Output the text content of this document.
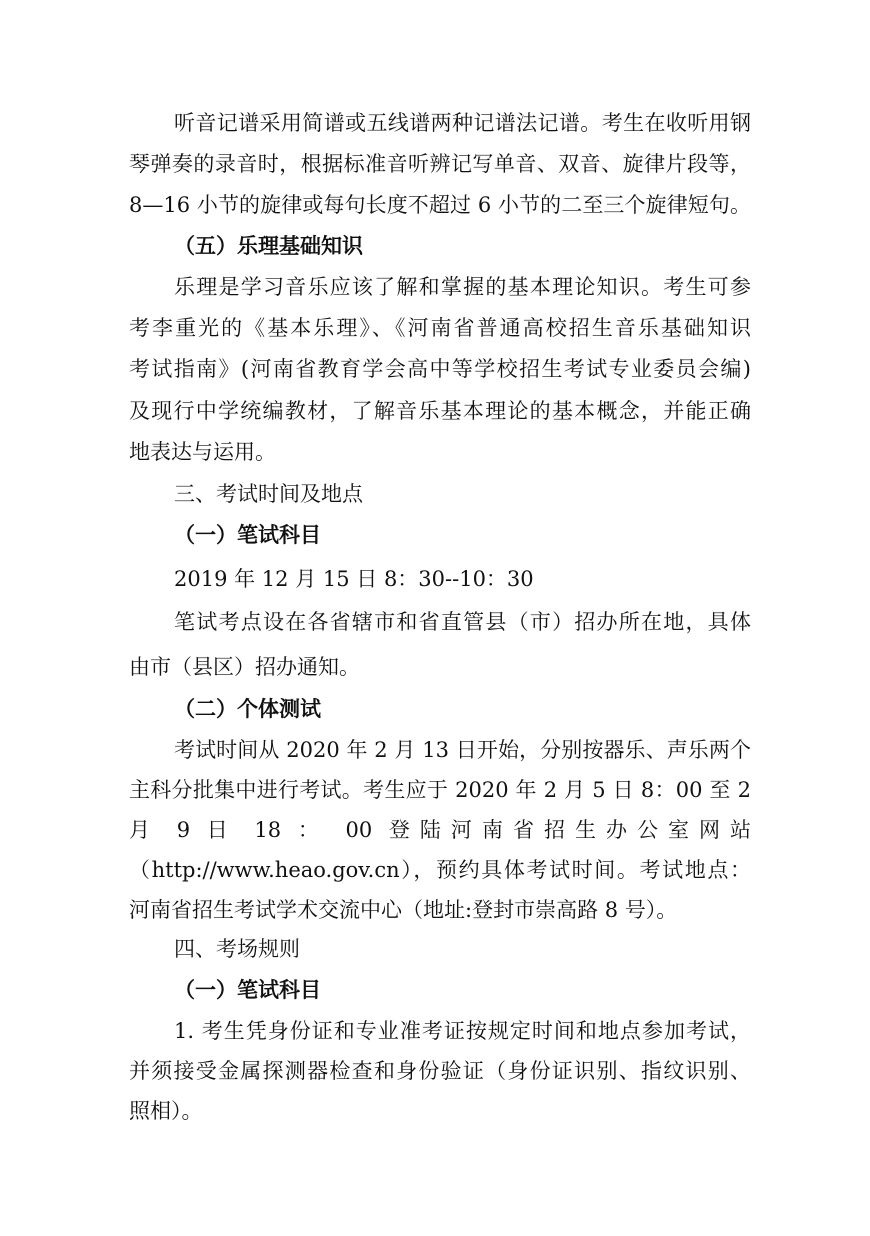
听音记谱采用简谱或五线谱两种记谱法记谱。考生在收听用钢
琴弹奏的录音时，根据标准音听辨记写单音、双音、旋律片段等，
8—16 小节的旋律或每句长度不超过 6 小节的二至三个旋律短句。
（五）乐理基础知识
乐理是学习音乐应该了解和掌握的基本理论知识。考生可参
考李重光的《基本乐理》、《河南省普通高校招生音乐基础知识
考试指南》(河南省教育学会高中等学校招生考试专业委员会编)
及现行中学统编教材，了解音乐基本理论的基本概念，并能正确
地表达与运用。
三、考试时间及地点
（一）笔试科目
2019 年 12 月 15 日 8：30--10：30
笔试考点设在各省辖市和省直管县（市）招办所在地，具体
由市（县区）招办通知。
（二）个体测试
考试时间从 2020 年 2 月 13 日开始，分别按器乐、声乐两个
主科分批集中进行考试。考生应于 2020 年 2 月 5 日 8：00 至 2
月 9 日 18 ： 00 登陆河南省招生办公室网站
（http://www.heao.gov.cn），预约具体考试时间。考试地点：
河南省招生考试学术交流中心（地址:登封市崇高路 8 号）。
四、考场规则
（一）笔试科目
1. 考生凭身份证和专业准考证按规定时间和地点参加考试，
并须接受金属探测器检查和身份验证（身份证识别、指纹识别、
照相）。
